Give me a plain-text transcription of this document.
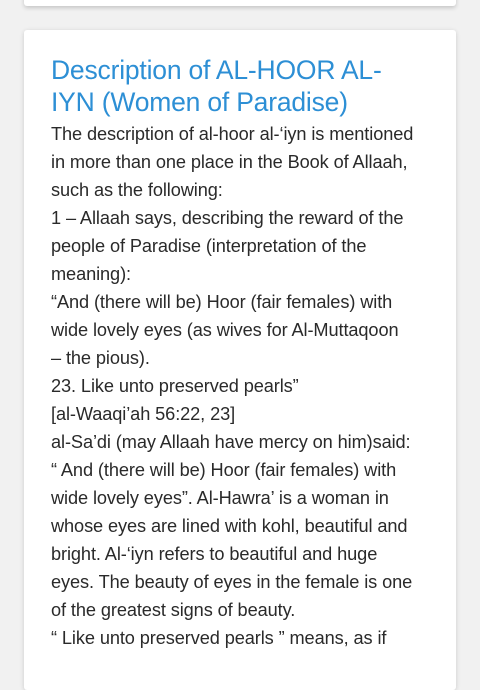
Description of AL-HOOR AL-
IYN (Women of Paradise)
The description of al-hoor al-‘iyn is mentioned
in more than one place in the Book of Allaah,
such as the following:
1 – Allaah says, describing the reward of the
people of Paradise (interpretation of the
meaning):
“And (there will be) Hoor (fair females) with
wide lovely eyes (as wives for Al-Muttaqoon
– the pious).
23. Like unto preserved pearls”
[al-Waaqi’ah 56:22, 23]
al-Sa’di (may Allaah have mercy on him)said:
“ And (there will be) Hoor (fair females) with
wide lovely eyes”. Al-Hawra’ is a woman in
whose eyes are lined with kohl, beautiful and
bright. Al-‘iyn refers to beautiful and huge
eyes. The beauty of eyes in the female is one
of the greatest signs of beauty.
“ Like unto preserved pearls ” means, as if
